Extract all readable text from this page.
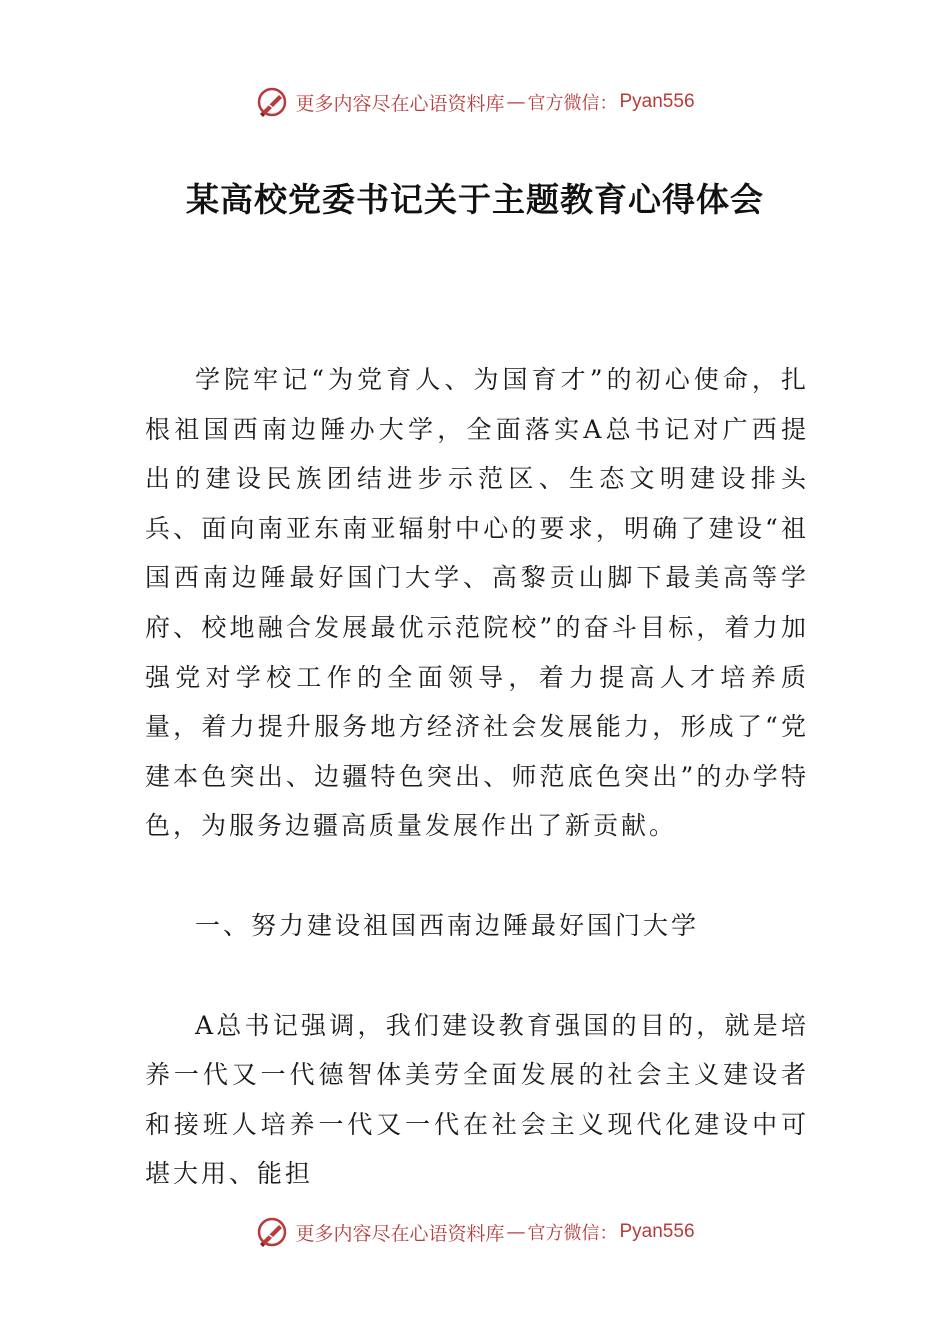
更多内容尽在心语资料库 — 官方微信： Pyan556
某高校党委书记关于主题教育心得体会

学院牢记“为党育人、为国育才”的初心使命，扎根祖国西南边陲办大学，全面落实A总书记对广西提出的建设民族团结进步示范区、生态文明建设排头兵、面向南亚东南亚辐射中心的要求，明确了建设“祖国西南边陲最好国门大学、高黎贡山脚下最美高等学府、校地融合发展最优示范院校”的奋斗目标，着力加强党对学校工作的全面领导，着力提高人才培养质量，着力提升服务地方经济社会发展能力，形成了“党建本色突出、边疆特色突出、师范底色突出”的办学特色，为服务边疆高质量发展作出了新贡献。

一、努力建设祖国西南边陲最好国门大学

A总书记强调，我们建设教育强国的目的，就是培养一代又一代德智体美劳全面发展的社会主义建设者和接班人培养一代又一代在社会主义现代化建设中可堪大用、能担

更多内容尽在心语资料库 — 官方微信： Pyan556
